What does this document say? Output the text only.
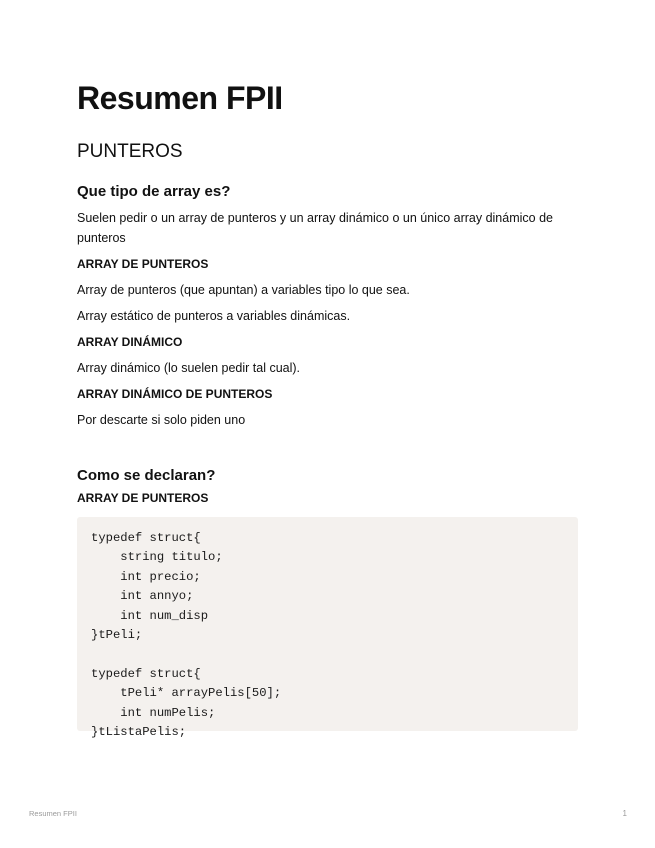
Resumen FPII
PUNTEROS
Que tipo de array es?

Suelen pedir o un array de punteros y un array dinámico o un único array dinámico de punteros

ARRAY DE PUNTEROS

Array de punteros (que apuntan) a variables tipo lo que sea.

Array estático de punteros a variables dinámicas.

ARRAY DINÁMICO

Array dinámico (lo suelen pedir tal cual).

ARRAY DINÁMICO DE PUNTEROS

Por descarte si solo piden uno

Como se declaran?
ARRAY DE PUNTEROS
typedef struct{
string titulo;
int precio;
int annyo;
int num_disp
}tPeli;

typedef struct{
tPeli* arrayPelis[50];
int numPelis;
}tListaPelis;
Resumen FPII	1
